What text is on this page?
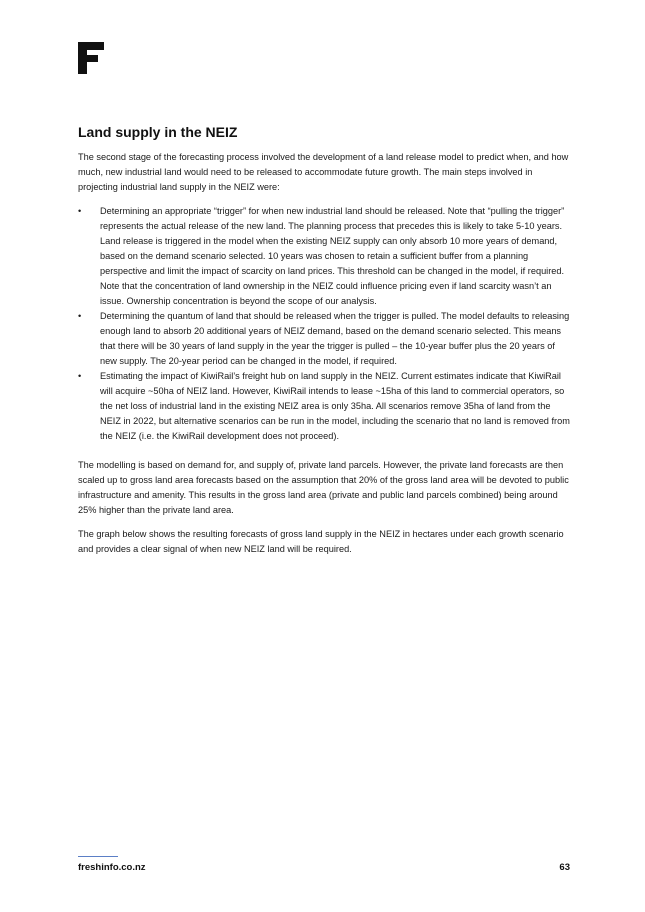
Land supply in the NEIZ

The second stage of the forecasting process involved the development of a land release model to predict when, and how much, new industrial land would need to be released to accommodate future growth. The main steps involved in projecting industrial land supply in the NEIZ were:

• Determining an appropriate “trigger” for when new industrial land should be released. Note that “pulling the trigger” represents the actual release of the new land. The planning process that precedes this is likely to take 5-10 years. Land release is triggered in the model when the existing NEIZ supply can only absorb 10 more years of demand, based on the demand scenario selected. 10 years was chosen to retain a sufficient buffer from a planning perspective and limit the impact of scarcity on land prices. This threshold can be changed in the model, if required. Note that the concentration of land ownership in the NEIZ could influence pricing even if land scarcity wasn’t an issue. Ownership concentration is beyond the scope of our analysis.
• Determining the quantum of land that should be released when the trigger is pulled. The model defaults to releasing enough land to absorb 20 additional years of NEIZ demand, based on the demand scenario selected. This means that there will be 30 years of land supply in the year the trigger is pulled – the 10-year buffer plus the 20 years of new supply. The 20-year period can be changed in the model, if required.
• Estimating the impact of KiwiRail’s freight hub on land supply in the NEIZ. Current estimates indicate that KiwiRail will acquire ~50ha of NEIZ land. However, KiwiRail intends to lease ~15ha of this land to commercial operators, so the net loss of industrial land in the existing NEIZ area is only 35ha. All scenarios remove 35ha of land from the NEIZ in 2022, but alternative scenarios can be run in the model, including the scenario that no land is removed from the NEIZ (i.e. the KiwiRail development does not proceed).

The modelling is based on demand for, and supply of, private land parcels. However, the private land forecasts are then scaled up to gross land area forecasts based on the assumption that 20% of the gross land area will be devoted to public infrastructure and amenity. This results in the gross land area (private and public land parcels combined) being around 25% higher than the private land area.

The graph below shows the resulting forecasts of gross land supply in the NEIZ in hectares under each growth scenario and provides a clear signal of when new NEIZ land will be required.

freshinfo.co.nz	63
